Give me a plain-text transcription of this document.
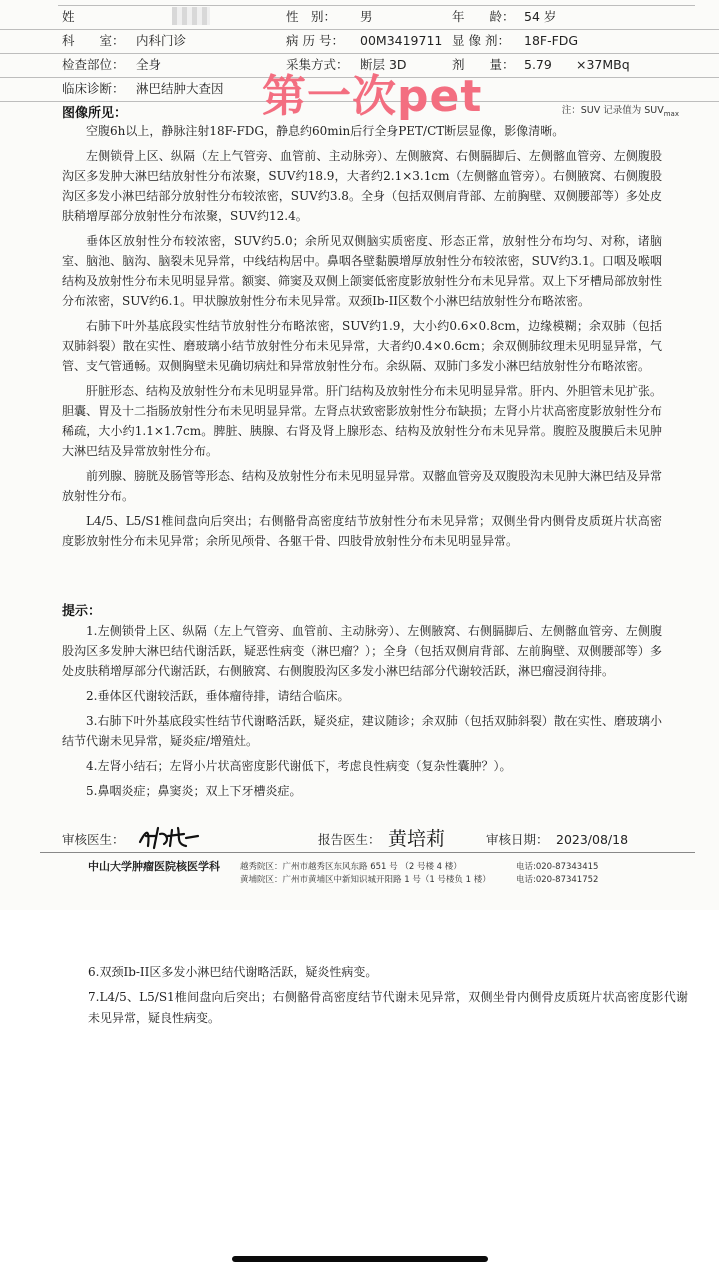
姓	性　别： 男	年　　龄： 54 岁
科　　室： 内科门诊	病 历 号： 00M3419711 显 像 剂： 18F-FDG
检查部位： 全身	采集方式： 断层 3D	剂　　量： 5.79 ×37MBq
临床诊断： 淋巴结肿大查因 第一次pet
图像所见：	注：SUV 记录值为 $SUV_{max}$

空腹6h以上，静脉注射18F-FDG，静息约60min后行全身PET/CT断层显像，影像清晰。

左侧锁骨上区、纵隔（左上气管旁、血管前、主动脉旁）、左侧腋窝、右侧膈脚后、左侧髂血管旁、左侧腹股沟区多发肿大淋巴结放射性分布浓聚，SUV约18.9，大者约2.1×3.1cm（左侧髂血管旁）。右侧腋窝、右侧腹股沟区多发小淋巴结部分放射性分布较浓密，SUV约3.8。全身（包括双侧肩背部、左前胸壁、双侧腰部等）多处皮肤稍增厚部分放射性分布浓聚，SUV约12.4。

垂体区放射性分布较浓密，SUV约5.0；余所见双侧脑实质密度、形态正常，放射性分布均匀、对称，诸脑室、脑池、脑沟、脑裂未见异常，中线结构居中。鼻咽各壁黏膜增厚放射性分布较浓密，SUV约3.1。口咽及喉咽结构及放射性分布未见明显异常。额窦、筛窦及双侧上颌窦低密度影放射性分布未见异常。双上下牙槽局部放射性分布浓密，SUV约6.1。甲状腺放射性分布未见异常。双颈Ib-II区数个小淋巴结放射性分布略浓密。

右肺下叶外基底段实性结节放射性分布略浓密，SUV约1.9，大小约0.6×0.8cm，边缘模糊；余双肺（包括双肺斜裂）散在实性、磨玻璃小结节放射性分布未见异常，大者约0.4×0.6cm；余双侧肺纹理未见明显异常，气管、支气管通畅。双侧胸壁未见确切病灶和异常放射性分布。余纵隔、双肺门多发小淋巴结放射性分布略浓密。

肝脏形态、结构及放射性分布未见明显异常。肝门结构及放射性分布未见明显异常。肝内、外胆管未见扩张。胆囊、胃及十二指肠放射性分布未见明显异常。左肾点状致密影放射性分布缺损；左肾小片状高密度影放射性分布稀疏，大小约1.1×1.7cm。脾脏、胰腺、右肾及肾上腺形态、结构及放射性分布未见异常。腹腔及腹膜后未见肿大淋巴结及异常放射性分布。

前列腺、膀胱及肠管等形态、结构及放射性分布未见明显异常。双髂血管旁及双腹股沟未见肿大淋巴结及异常放射性分布。

L4/5、L5/S1椎间盘向后突出；右侧骼骨高密度结节放射性分布未见异常；双侧坐骨内侧骨皮质斑片状高密度影放射性分布未见异常；余所见颅骨、各躯干骨、四肢骨放射性分布未见明显异常。

提示：

1.左侧锁骨上区、纵隔（左上气管旁、血管前、主动脉旁）、左侧腋窝、右侧膈脚后、左侧髂血管旁、左侧腹股沟区多发肿大淋巴结代谢活跃，疑恶性病变（淋巴瘤？）；全身（包括双侧肩背部、左前胸壁、双侧腰部等）多处皮肤稍增厚部分代谢活跃，右侧腋窝、右侧腹股沟区多发小淋巴结部分代谢较活跃，淋巴瘤浸润待排。

2.垂体区代谢较活跃，垂体瘤待排，请结合临床。

3.右肺下叶外基底段实性结节代谢略活跃，疑炎症，建议随诊；余双肺（包括双肺斜裂）散在实性、磨玻璃小结节代谢未见异常，疑炎症/增殖灶。

4.左肾小结石；左肾小片状高密度影代谢低下，考虑良性病变（复杂性囊肿？）。

5.鼻咽炎症；鼻窦炎；双上下牙槽炎症。

审核医生：	报告医生：	审核日期： 2023/08/18
黄培莉
中山大学肿瘤医院核医学科 越秀院区：广州市越秀区东风东路 651 号 （2 号楼 4 楼）	电话:020-87343415
黄埔院区：广州市黄埔区中新知识城开阳路 1 号（1 号楼负 1 楼）	电话:020-87341752

6.双颈Ib-II区多发小淋巴结代谢略活跃，疑炎性病变。

7.L4/5、L5/S1椎间盘向后突出；右侧骼骨高密度结节代谢未见异常，双侧坐骨内侧骨皮质斑片状高密度影代谢未见异常，疑良性病变。
